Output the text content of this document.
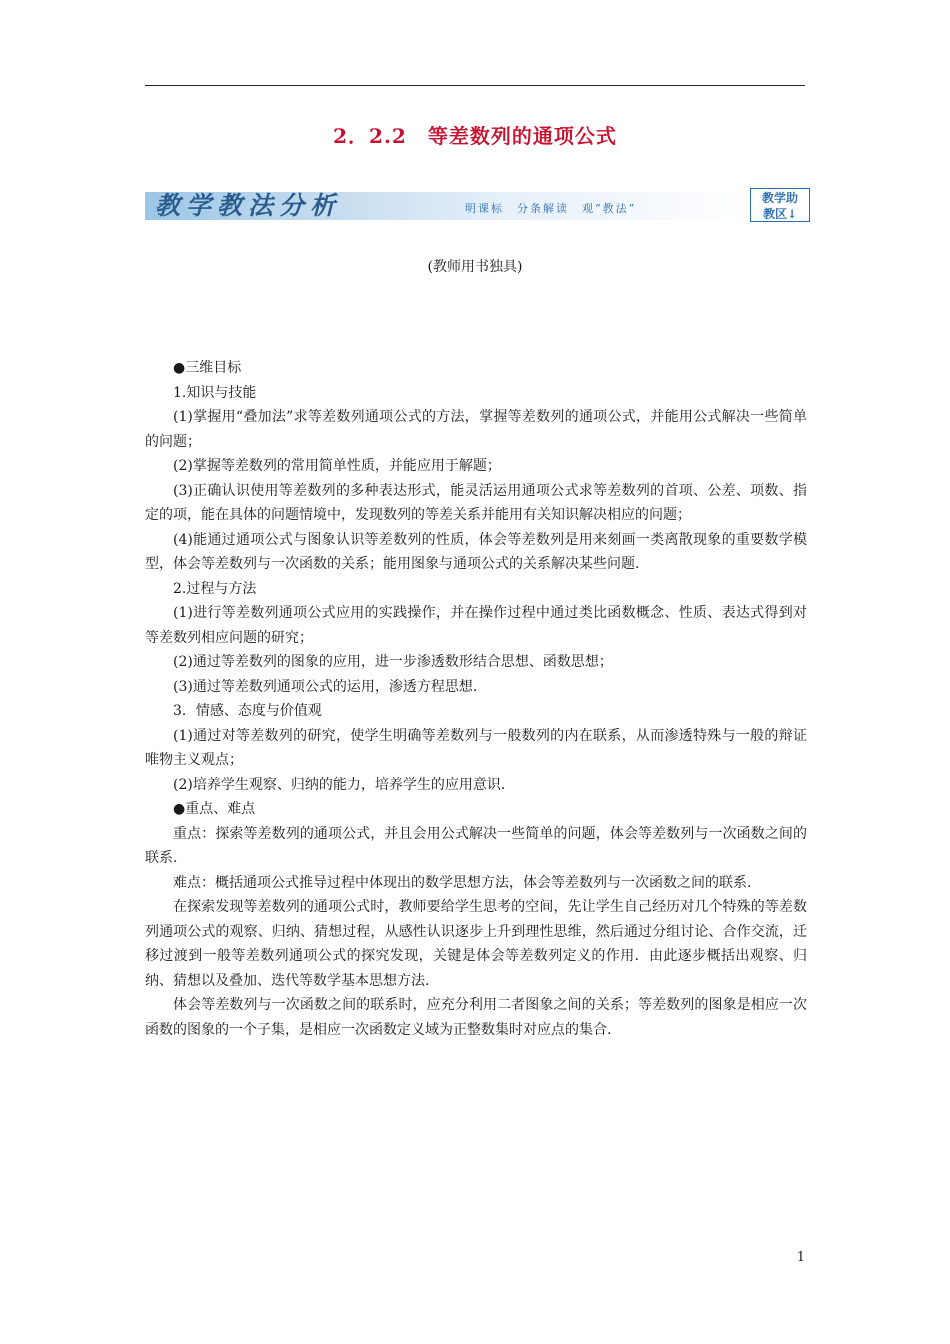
2．2.2　等差数列的通项公式
教学教法分析	明课标　分条解读　观“教法”
教学助
教区↓
(教师用书独具)

●三维目标

1.知识与技能

(1)掌握用“叠加法”求等差数列通项公式的方法，掌握等差数列的通项公式，并能用公式解决一些简单的问题；

(2)掌握等差数列的常用简单性质，并能应用于解题；

(3)正确认识使用等差数列的多种表达形式，能灵活运用通项公式求等差数列的首项、公差、项数、指定的项，能在具体的问题情境中，发现数列的等差关系并能用有关知识解决相应的问题；

(4)能通过通项公式与图象认识等差数列的性质，体会等差数列是用来刻画一类离散现象的重要数学模型，体会等差数列与一次函数的关系；能用图象与通项公式的关系解决某些问题.

2.过程与方法

(1)进行等差数列通项公式应用的实践操作，并在操作过程中通过类比函数概念、性质、表达式得到对等差数列相应问题的研究；

(2)通过等差数列的图象的应用，进一步渗透数形结合思想、函数思想；

(3)通过等差数列通项公式的运用，渗透方程思想.

3．情感、态度与价值观

(1)通过对等差数列的研究，使学生明确等差数列与一般数列的内在联系，从而渗透特殊与一般的辩证唯物主义观点；

(2)培养学生观察、归纳的能力，培养学生的应用意识.

●重点、难点

重点：探索等差数列的通项公式，并且会用公式解决一些简单的问题，体会等差数列与一次函数之间的联系.

难点：概括通项公式推导过程中体现出的数学思想方法，体会等差数列与一次函数之间的联系.

在探索发现等差数列的通项公式时，教师要给学生思考的空间，先让学生自己经历对几个特殊的等差数列通项公式的观察、归纳、猜想过程，从感性认识逐步上升到理性思维，然后通过分组讨论、合作交流，迁移过渡到一般等差数列通项公式的探究发现，关键是体会等差数列定义的作用．由此逐步概括出观察、归纳、猜想以及叠加、迭代等数学基本思想方法.

体会等差数列与一次函数之间的联系时，应充分利用二者图象之间的关系；等差数列的图象是相应一次函数的图象的一个子集，是相应一次函数定义域为正整数集时对应点的集合.

1
